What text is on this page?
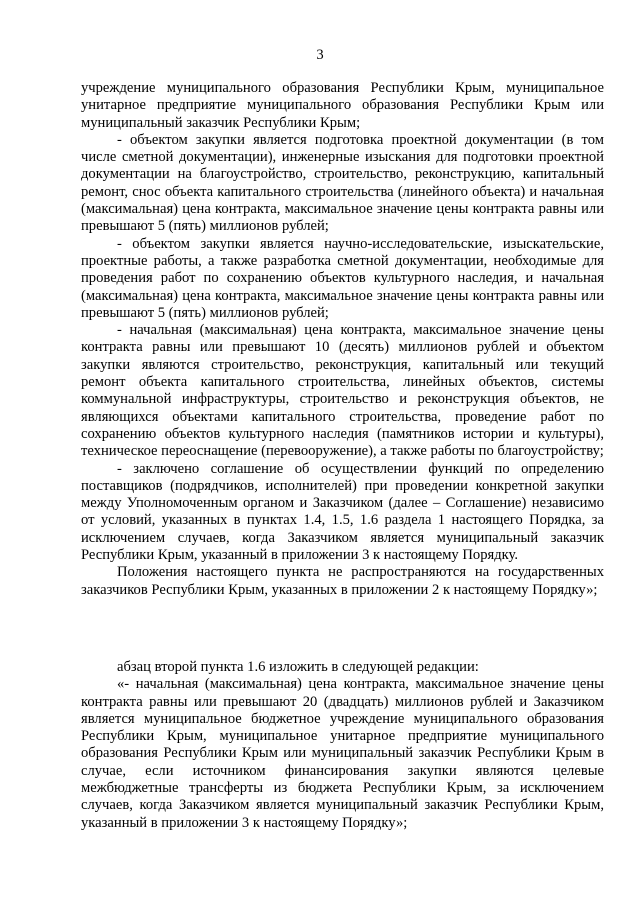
3

учреждение муниципального образования Республики Крым, муниципальное унитарное предприятие муниципального образования Республики Крым или муниципальный заказчик Республики Крым;

- объектом закупки является подготовка проектной документации (в том числе сметной документации), инженерные изыскания для подготовки проектной документации на благоустройство, строительство, реконструкцию, капитальный ремонт, снос объекта капитального строительства (линейного объекта) и начальная (максимальная) цена контракта, максимальное значение цены контракта равны или превышают 5 (пять) миллионов рублей;

- объектом закупки является научно-исследовательские, изыскательские, проектные работы, а также разработка сметной документации, необходимые для проведения работ по сохранению объектов культурного наследия, и начальная (максимальная) цена контракта, максимальное значение цены контракта равны или превышают 5 (пять) миллионов рублей;

- начальная (максимальная) цена контракта, максимальное значение цены контракта равны или превышают 10 (десять) миллионов рублей и объектом закупки являются строительство, реконструкция, капитальный или текущий ремонт объекта капитального строительства, линейных объектов, системы коммунальной инфраструктуры, строительство и реконструкция объектов, не являющихся объектами капитального строительства, проведение работ по сохранению объектов культурного наследия (памятников истории и культуры), техническое переоснащение (перевооружение), а также работы по благоустройству;

- заключено соглашение об осуществлении функций по определению поставщиков (подрядчиков, исполнителей) при проведении конкретной закупки между Уполномоченным органом и Заказчиком (далее – Соглашение) независимо от условий, указанных в пунктах 1.4, 1.5, 1.6 раздела 1 настоящего Порядка, за исключением случаев, когда Заказчиком является муниципальный заказчик Республики Крым, указанный в приложении 3 к настоящему Порядку.

Положения настоящего пункта не распространяются на государственных заказчиков Республики Крым, указанных в приложении 2 к настоящему Порядку»;

абзац второй пункта 1.6 изложить в следующей редакции:

«- начальная (максимальная) цена контракта, максимальное значение цены контракта равны или превышают 20 (двадцать) миллионов рублей и Заказчиком является муниципальное бюджетное учреждение муниципального образования Республики Крым, муниципальное унитарное предприятие муниципального образования Республики Крым или муниципальный заказчик Республики Крым в случае, если источником финансирования закупки являются целевые межбюджетные трансферты из бюджета Республики Крым, за исключением случаев, когда Заказчиком является муниципальный заказчик Республики Крым, указанный в приложении 3 к настоящему Порядку»;
